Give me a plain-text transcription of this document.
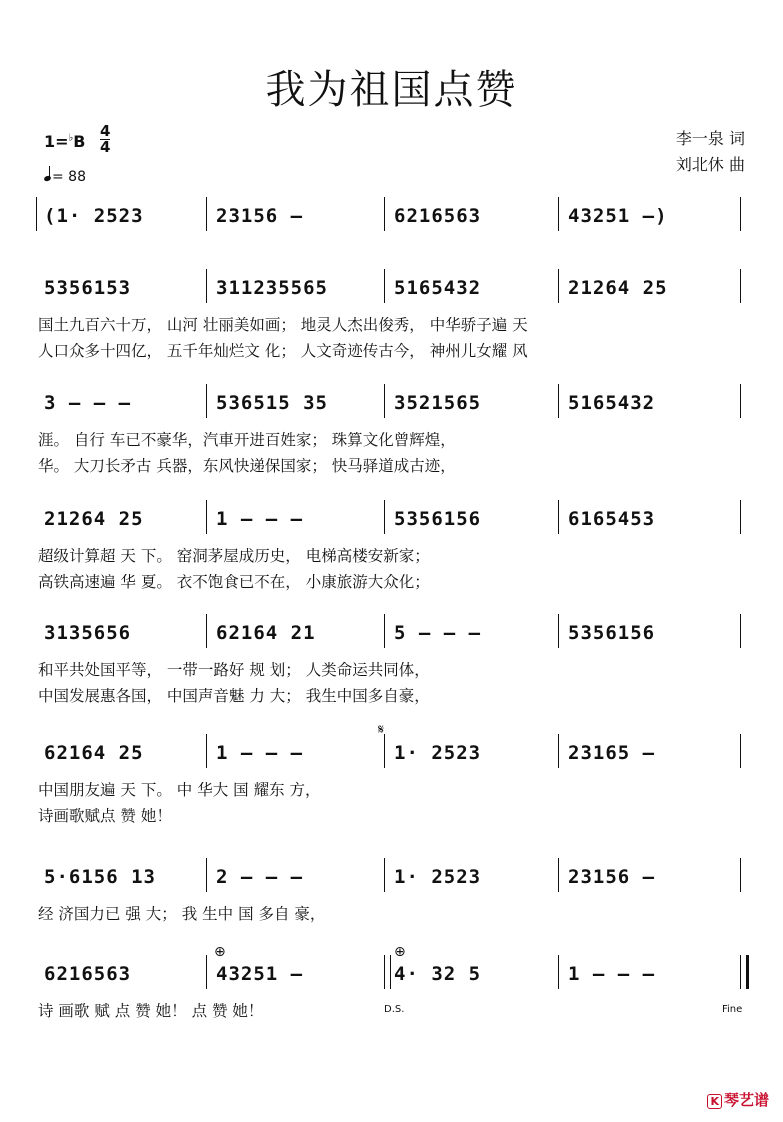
我为祖国点赞
1=♭B
4
4
= 88
李一泉 词
刘北休 曲
(1· 2523	23156 –	6216563	43251 –)
5356153	311235565	5165432	21264 25
国土九百六十万， 山河 壮丽美如画； 地灵人杰出俊秀， 中华骄子遍 天
人口众多十四亿， 五千年灿烂文 化； 人文奇迹传古今， 神州儿女耀 风
3 – – –	536515 35	3521565	5165432
涯。 自行 车已不豪华，汽車开进百姓家； 珠算文化曾辉煌，
华。 大刀长矛古 兵器，东风快递保国家； 快马驿道成古迹，
21264 25	1 – – –	5356156	6165453
超级计算超 天 下。 窑洞茅屋成历史， 电梯高楼安新家；
高铁高速遍 华 夏。 衣不饱食已不在， 小康旅游大众化；
3135656	62164 21	5 – – –	5356156
和平共处国平等， 一带一路好 规 划； 人类命运共同体，
中国发展惠各国， 中国声音魅 力 大； 我生中国多自豪，
62164 25	1 – – –	1· 2523	23165 –
中国朋友遍 天 下。 中 华大 国 耀东 方，
诗画歌赋点 赞 她！
5·6156 13	2 – – –	1· 2523	23156 –
经 济国力已 强 大； 我 生中 国 多自 豪，
6216563	43251 –	4· 32 5	1 – – –
诗 画歌 赋 点 赞 她！ 点 赞 她！
𝄋
⊕	⊕
D.S.	Fine
K 琴艺谱
